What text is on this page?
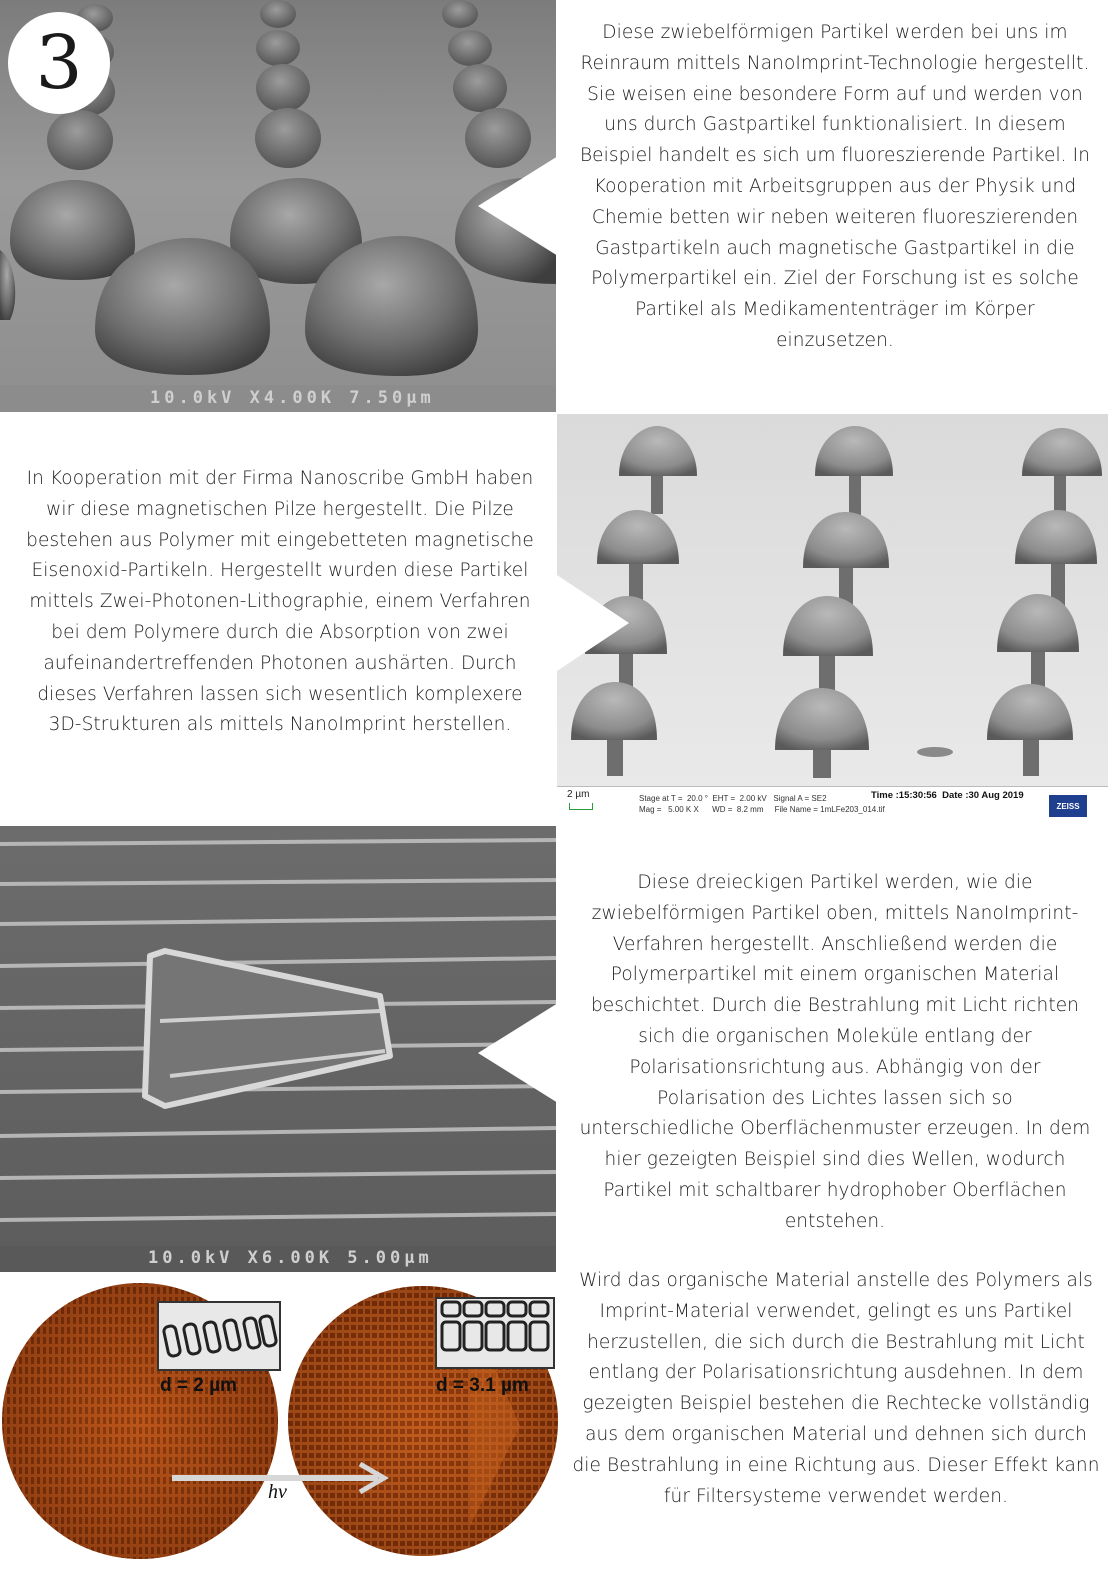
10.0kV X4.00K 7.50µm
3	Diese zwiebelförmigen Partikel werden bei uns im Reinraum mittels NanoImprint-Technologie hergestellt. Sie weisen eine besondere Form auf und werden von uns durch Gastpartikel funktionalisiert. In diesem Beispiel handelt es sich um fluoreszierende Partikel. In Kooperation mit Arbeitsgruppen aus der Physik und Chemie betten wir neben weiteren fluoreszierenden Gastpartikeln auch magnetische Gastpartikel in die Polymerpartikel ein. Ziel der Forschung ist es solche Partikel als Medikamententräger im Körper einzusetzen.
In Kooperation mit der Firma Nanoscribe GmbH haben wir diese magnetischen Pilze hergestellt. Die Pilze bestehen aus Polymer mit eingebetteten magnetische Eisenoxid-Partikeln. Hergestellt wurden diese Partikel mittels Zwei-Photonen-Lithographie, einem Verfahren bei dem Polymere durch die Absorption von zwei aufeinandertreffenden Photonen aushärten. Durch dieses Verfahren lassen sich wesentlich komplexere 3D-Strukturen als mittels NanoImprint herstellen.
2 µm	Stage at T =  20.0 °  EHT =  2.00 kV   Signal A = SE2
Mag =   5.00 K X      WD =  8.2 mm     File Name = 1mLFe203_014.tif
Time :15:30:56  Date :30 Aug 2019
ZEISS
10.0kV X6.00K 5.00µm
Diese dreieckigen Partikel werden, wie die zwiebelförmigen Partikel oben, mittels NanoImprint-Verfahren hergestellt. Anschließend werden die Polymerpartikel mit einem organischen Material beschichtet. Durch die Bestrahlung mit Licht richten sich die organischen Moleküle entlang der Polarisationsrichtung aus. Abhängig von der Polarisation des Lichtes lassen sich so unterschiedliche Oberflächenmuster erzeugen. In dem hier gezeigten Beispiel sind dies Wellen, wodurch Partikel mit schaltbarer hydrophober Oberflächen entstehen.
d = 2 µm	d = 3.1 µm
hv
Wird das organische Material anstelle des Polymers als Imprint-Material verwendet, gelingt es uns Partikel herzustellen, die sich durch die Bestrahlung mit Licht entlang der Polarisationsrichtung ausdehnen. In dem gezeigten Beispiel bestehen die Rechtecke vollständig aus dem organischen Material und dehnen sich durch die Bestrahlung in eine Richtung aus. Dieser Effekt kann für Filtersysteme verwendet werden.
